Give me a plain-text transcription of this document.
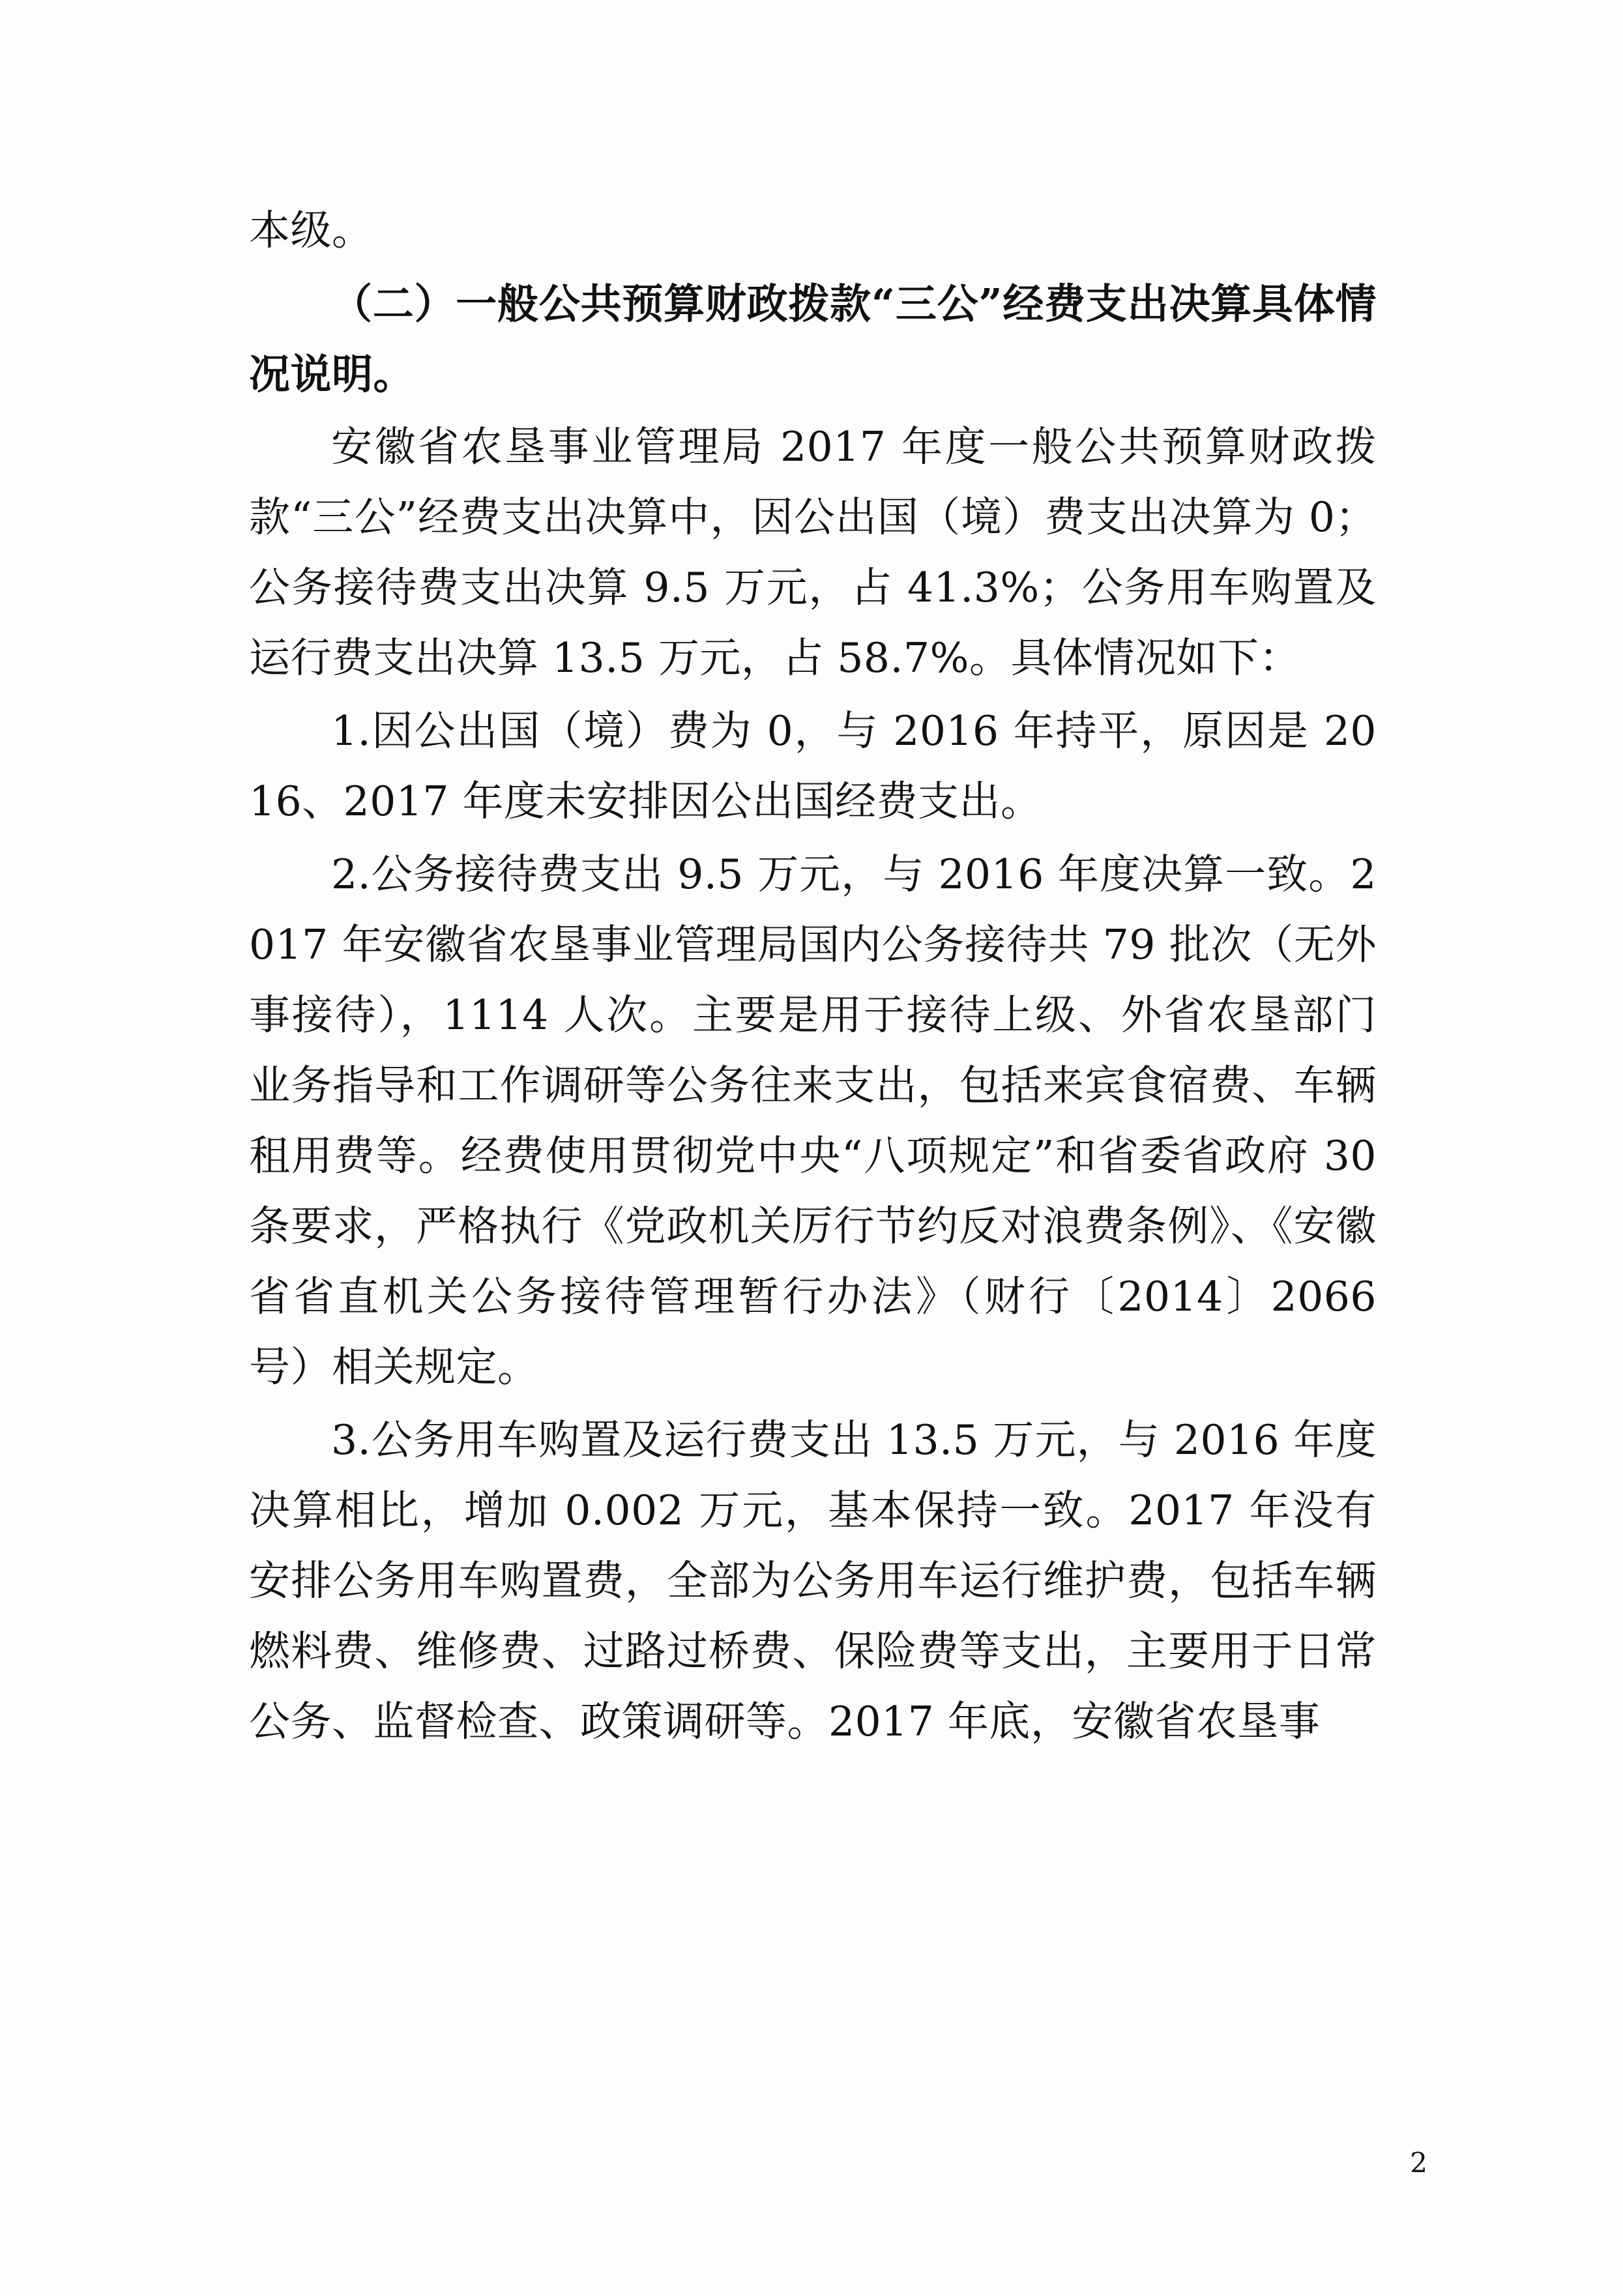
本级。

（二）一般公共预算财政拨款“三公”经费支出决算具体情况说明。

安徽省农垦事业管理局 2017 年度一般公共预算财政拨款“三公”经费支出决算中，因公出国（境）费支出决算为 0；公务接待费支出决算 9.5 万元，占 41.3%；公务用车购置及运行费支出决算 13.5 万元，占 58.7%。具体情况如下：

1.因公出国（境）费为 0，与 2016 年持平，原因是 2016、2017 年度未安排因公出国经费支出。

2.公务接待费支出 9.5 万元，与 2016 年度决算一致。2017 年安徽省农垦事业管理局国内公务接待共 79 批次（无外事接待），1114 人次。主要是用于接待上级、外省农垦部门业务指导和工作调研等公务往来支出，包括来宾食宿费、车辆租用费等。经费使用贯彻党中央“八项规定”和省委省政府 30 条要求，严格执行《党政机关厉行节约反对浪费条例》、《安徽省省直机关公务接待管理暂行办法》（财行〔2014〕2066 号）相关规定。

3.公务用车购置及运行费支出 13.5 万元，与 2016 年度决算相比，增加 0.002 万元，基本保持一致。2017 年没有安排公务用车购置费，全部为公务用车运行维护费，包括车辆燃料费、维修费、过路过桥费、保险费等支出，主要用于日常公务、监督检查、政策调研等。2017 年底，安徽省农垦事

2
